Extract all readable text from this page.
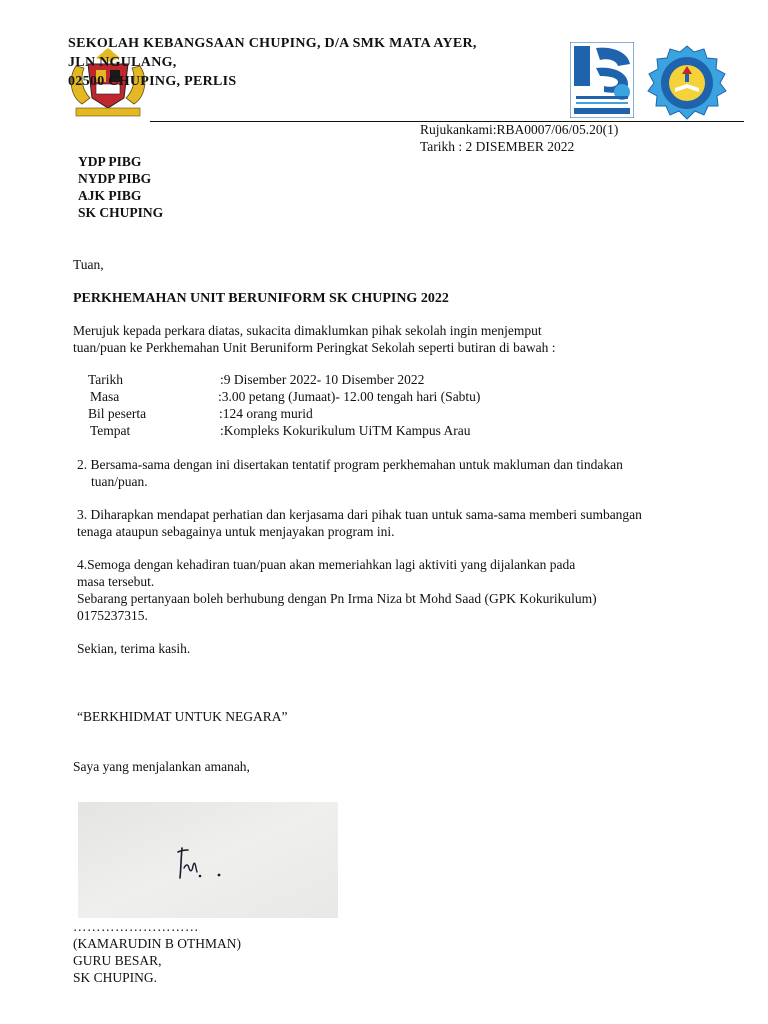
SEKOLAH KEBANGSAAN CHUPING, D/A SMK MATA AYER,
JLN NGULANG,
02500 CHUPING, PERLIS
Rujukankami:RBA0007/06/05.20(1)
Tarikh : 2 DISEMBER 2022
YDP PIBG
NYDP PIBG
AJK PIBG
SK CHUPING
Tuan,
PERKHEMAHAN UNIT BERUNIFORM SK CHUPING 2022
Merujuk kepada perkara diatas, sukacita dimaklumkan pihak sekolah ingin menjemput
tuan/puan ke Perkhemahan Unit Beruniform Peringkat Sekolah seperti butiran di bawah :
Tarikh	:9 Disember 2022- 10 Disember 2022
Masa	:3.00 petang (Jumaat)- 12.00 tengah hari (Sabtu)
Bil peserta	:124 orang murid
Tempat	:Kompleks Kokurikulum UiTM Kampus Arau
2. Bersama-sama dengan ini disertakan tentatif program perkhemahan untuk makluman dan tindakan
tuan/puan.
3. Diharapkan mendapat perhatian dan kerjasama dari pihak tuan untuk sama-sama memberi sumbangan
tenaga ataupun sebagainya untuk menjayakan program ini.
4.Semoga dengan kehadiran tuan/puan akan memeriahkan lagi aktiviti yang dijalankan pada
masa tersebut.
Sebarang pertanyaan boleh berhubung dengan Pn Irma Niza bt Mohd Saad (GPK Kokurikulum)
0175237315.
Sekian, terima kasih.
“BERKHIDMAT UNTUK NEGARA”
Saya yang menjalankan amanah,
………………………
(KAMARUDIN B OTHMAN)
GURU BESAR,
SK CHUPING.
